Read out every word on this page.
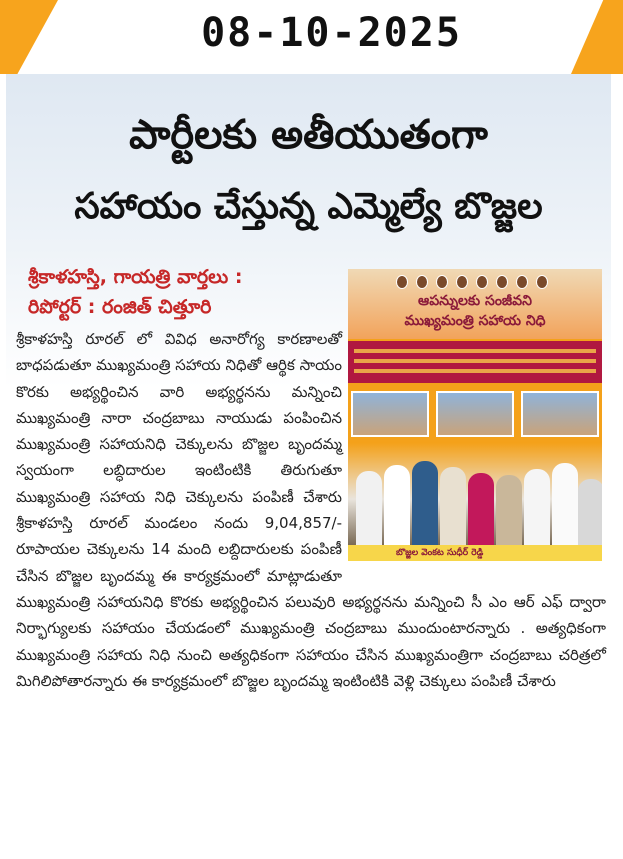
08-10-2025
పార్టీలకు అతీయుతంగా
సహాయం చేస్తున్న ఎమ్మెల్యే బొజ్జల
శ్రీకాళహస్తి, గాయత్రి వార్తలు :
రిపోర్టర్ : రంజిత్ చిత్తూరి
శ్రీకాళహస్తి రూరల్ లో వివిధ అనారోగ్య కారణాలతో బాధపడుతూ ముఖ్యమంత్రి సహాయ నిధితో ఆర్థిక సాయం కొరకు అభ్యర్థించిన వారి అభ్యర్థనను మన్నించి ముఖ్యమంత్రి నారా చంద్రబాబు నాయుడు పంపించిన ముఖ్యమంత్రి సహాయనిధి చెక్కులను బొజ్జల బృందమ్మ స్వయంగా లబ్ధిదారుల ఇంటింటికి తిరుగుతూ ముఖ్యమంత్రి సహాయ నిధి చెక్కులను పంపిణీ చేశారు శ్రీకాళహస్తి రూరల్ మండలం నందు 9,04,857/- రూపాయల చెక్కులను 14 మంది లబ్దిదారులకు పంపిణీ చేసిన బొజ్జల బృందమ్మ ఈ కార్యక్రమంలో మాట్లాడుతూ ముఖ్యమంత్రి సహాయనిధి కొరకు అభ్యర్థించిన పలువురి అభ్యర్థనను మన్నించి సీ ఎం ఆర్ ఎఫ్ ద్వారా నిర్భాగ్యులకు సహాయం చేయడంలో ముఖ్యమంత్రి చంద్రబాబు ముందుంటారన్నారు . అత్యధికంగా ముఖ్యమంత్రి సహాయ నిధి నుంచి అత్యధికంగా సహాయం చేసిన ముఖ్యమంత్రిగా చంద్రబాబు చరిత్రలో మిగిలిపోతారన్నారు ఈ కార్యక్రమంలో బొజ్జల బృందమ్మ ఇంటింటికి వెళ్లి చెక్కులు పంపిణీ చేశారు
ఆపన్నులకు సంజీవని
ముఖ్యమంత్రి సహాయ నిధి
బొజ్జల వెంకట సుధీర్ రెడ్డి
